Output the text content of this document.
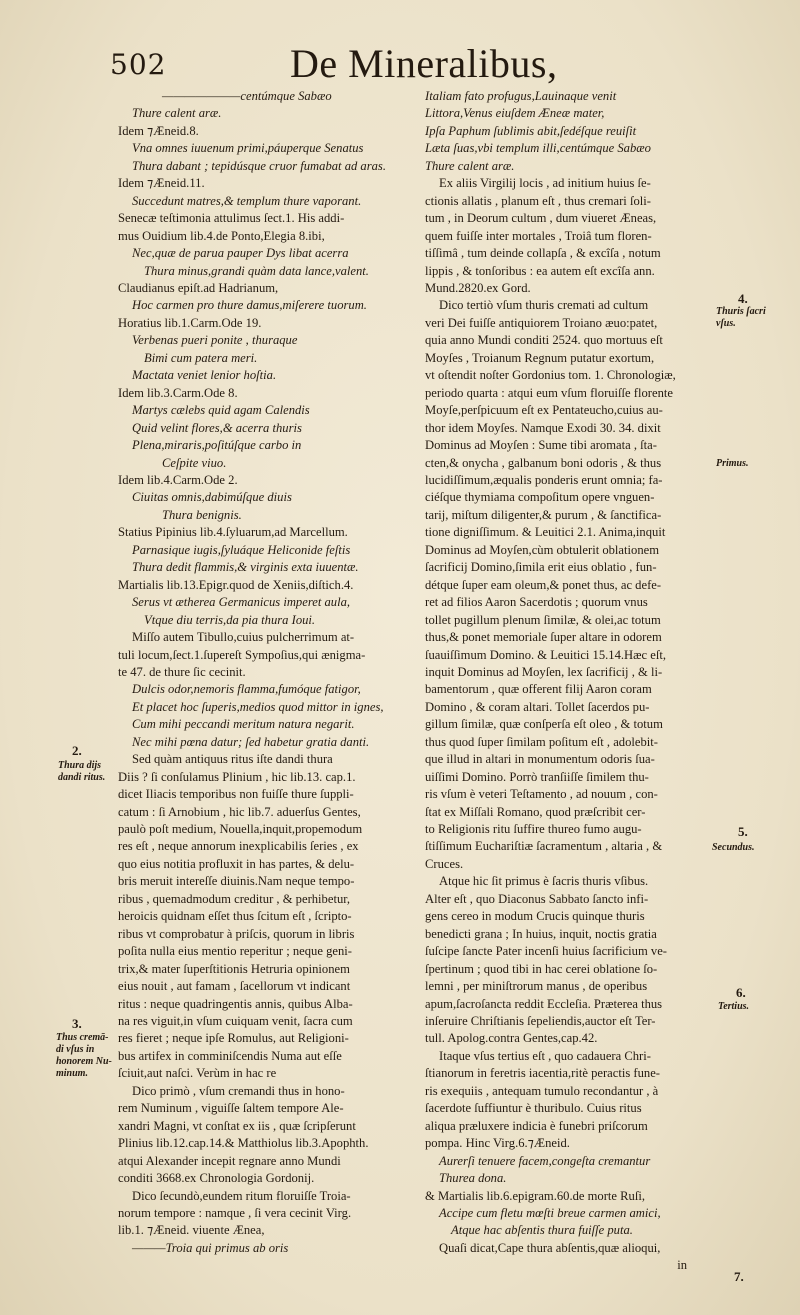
502	De Mineralibus,
———————centúmque Sabæo
Thure calent aræ.
Idem ⁊Æneid.8.
Vna omnes iuuenum primi,páuperque Senatus
Thura dabant ; tepidúsque cruor fumabat ad aras.
Idem ⁊Æneid.11.
Succedunt matres,& templum thure vaporant.
Senecæ teſtimonia attulimus ſect.1. His addi-
mus Ouidium lib.4.de Ponto,Elegia 8.ibi,
Nec,quæ de parua pauper Dys libat acerra
Thura minus,grandi quàm data lance,valent.
Claudianus epiſt.ad Hadrianum,
Hoc carmen pro thure damus,miſerere tuorum.
Horatius lib.1.Carm.Ode 19.
Verbenas pueri ponite , thuraque
Bimi cum patera meri.
Mactata veniet lenior hoſtia.
Idem lib.3.Carm.Ode 8.
Martys cælebs quid agam Calendis
Quid velint flores,& acerra thuris
Plena,miraris,poſitúſque carbo in
Ceſpite viuo.
Idem lib.4.Carm.Ode 2.
Ciuitas omnis,dabimúſque diuis
Thura benignis.
Statius Pipinius lib.4.ſyluarum,ad Marcellum.
Parnasique iugis,ſyluáque Heliconide feſtis
Thura dedit flammis,& virginis exta iuuentæ.
Martialis lib.13.Epigr.quod de Xeniis,diſtich.4.
Serus vt ætherea Germanicus imperet aula,
Vtque diu terris,da pia thura Ioui.
Miſſo autem Tibullo,cuius pulcherrimum at-
tuli locum,ſect.1.ſupereſt Sympoſius,qui ænigma-
te 47. de thure ſic cecinit.
Dulcis odor,nemoris flamma,fumóque fatigor,
Et placet hoc ſuperis,medios quod mittor in ignes,
Cum mihi peccandi meritum natura negarit.
Nec mihi pœna datur; ſed habetur gratia danti.
Sed quàm antiquus ritus iſte dandi thura
Diis ? ſi conſulamus Plinium , hic lib.13. cap.1.
dicet Iliacis temporibus non fuiſſe thure ſuppli-
catum : ſi Arnobium , hic lib.7. aduerſus Gentes,
paulò poſt medium, Nouella,inquit,propemodum
res eſt , neque annorum inexplicabilis ſeries , ex
quo eius notitia profluxit in has partes, & delu-
bris meruit intereſſe diuinis.Nam neque tempo-
ribus , quemadmodum creditur , & perhibetur,
heroicis quidnam eſſet thus ſcitum eſt , ſcripto-
ribus vt comprobatur à priſcis, quorum in libris
poſita nulla eius mentio reperitur ; neque geni-
trix,& mater ſuperſtitionis Hetruria opinionem
eius nouit , aut famam , ſacellorum vt indicant
ritus : neque quadringentis annis, quibus Alba-
na res viguit,in vſum cuiquam venit, ſacra cum
res fieret ; neque ipſe Romulus, aut Religioni-
bus artifex in comminiſcendis Numa aut eſſe
ſciuit,aut naſci. Verùm in hac re
Dico primò , vſum cremandi thus in hono-
rem Numinum , viguiſſe ſaltem tempore Ale-
xandri Magni, vt conſtat ex iis , quæ ſcripſerunt
Plinius lib.12.cap.14.& Matthiolus lib.3.Apophth.
atqui Alexander incepit regnare anno Mundi
conditi 3668.ex Chronologia Gordonij.
Dico ſecundò,eundem ritum floruiſſe Troia-
norum tempore : namque , ſi vera cecinit Virg.
lib.1. ⁊Æneid. viuente Æneа,
———Troia qui primus ab oris
Italiam fato profugus,Lauinaque venit
Littora,Venus eiuſdem Æneæ mater,
Ipſa Paphum ſublimis abit,ſedéſque reuiſit
Læta ſuas,vbi templum illi,centúmque Sabæo
Thure calent aræ.
Ex aliis Virgilij locis , ad initium huius ſe-
ctionis allatis , planum eſt , thus cremari ſoli-
tum , in Deorum cultum , dum viueret Æneas,
quem fuiſſe inter mortales , Troiâ tum floren-
tiſſimâ , tum deinde collapſa , & excîſa , notum
lippis , & tonſoribus : ea autem eſt excîſa ann.
Mund.2820.ex Gord.
Dico tertiò vſum thuris cremati ad cultum
veri Dei fuiſſe antiquiorem Troiano æuo:patet,
quia anno Mundi conditi 2524. quo mortuus eſt
Moyſes , Troianum Regnum putatur exortum,
vt oſtendit noſter Gordonius tom. 1. Chronologiæ,
periodo quarta : atqui eum vſum floruiſſe florente
Moyſe,perſpicuum eſt ex Pentateucho,cuius au-
thor idem Moyſes. Namque Exodi 30. 34. dixit
Dominus ad Moyſen : Sume tibi aromata , ſta-
cten,& onycha , galbanum boni odoris , & thus
lucidiſſimum,æqualis ponderis erunt omnia; fa-
ciéſque thymiama compoſitum opere vnguen-
tarij, miſtum diligenter,& purum , & ſanctifica-
tione digniſſimum. & Leuitici 2.1. Anima,inquit
Dominus ad Moyſen,cùm obtulerit oblationem
ſacrificij Domino,ſimila erit eius oblatio , fun-
détque ſuper eam oleum,& ponet thus, ac defe-
ret ad filios Aaron Sacerdotis ; quorum vnus
tollet pugillum plenum ſimilæ, & olei,ac totum
thus,& ponet memoriale ſuper altare in odorem
ſuauiſſimum Domino. & Leuitici 15.14.Hæc eſt,
inquit Dominus ad Moyſen, lex ſacrificij , & li-
bamentorum , quæ offerent filij Aaron coram
Domino , & coram altari. Tollet ſacerdos pu-
gillum ſimilæ, quæ conſperſa eſt oleo , & totum
thus quod ſuper ſimilam poſitum eſt , adolebit-
que illud in altari in monumentum odoris ſua-
uiſſimi Domino. Porrò tranſiiſſe ſimilem thu-
ris vſum è veteri Teſtamento , ad nouum , con-
ſtat ex Miſſali Romano, quod præſcribit cer-
to Religionis ritu ſuffire thureo fumo augu-
ſtiſſimum Euchariſtiæ ſacramentum , altaria , &
Cruces.
Atque hic ſit primus è ſacris thuris vſibus.
Alter eſt , quo Diaconus Sabbato ſancto infi-
gens cereo in modum Crucis quinque thuris
benedicti grana ; In huius, inquit, noctis gratia
ſuſcipe ſancte Pater incenſi huius ſacrificium ve-
ſpertinum ; quod tibi in hac cerei oblatione ſo-
lemni , per miniſtrorum manus , de operibus
apum,ſacroſancta reddit Eccleſia. Præterea thus
inſeruire Chriſtianis ſepeliendis,auctor eſt Ter-
tull. Apolog.contra Gentes,cap.42.
Itaque vſus tertius eſt , quo cadauera Chri-
ſtianorum in feretris iacentia,ritè peractis fune-
ris exequiis , antequam tumulo recondantur , à
ſacerdote ſuffiuntur è thuribulo. Cuius ritus
aliqua præluxere indicia è funebri priſcorum
pompa. Hinc Virg.6.⁊Æneid.
Aurerſi tenuere facem,congeſta cremantur
Thurea dona.
& Martialis lib.6.epigram.60.de morte Ruſi,
Accipe cum fletu mœſti breue carmen amici,
Atque hac abſentis thura fuiſſe puta.
Quaſi dicat,Cape thura abſentis,quæ alioqui,
in
2.
Thura dijs
dandi ritus.
3.
Thus cremā-
di vſus in
honorem Nu-
minum.
4.
Thuris ſacri
vſus.
Primus.
5.
Secundus.
6.
Tertius.
7.
